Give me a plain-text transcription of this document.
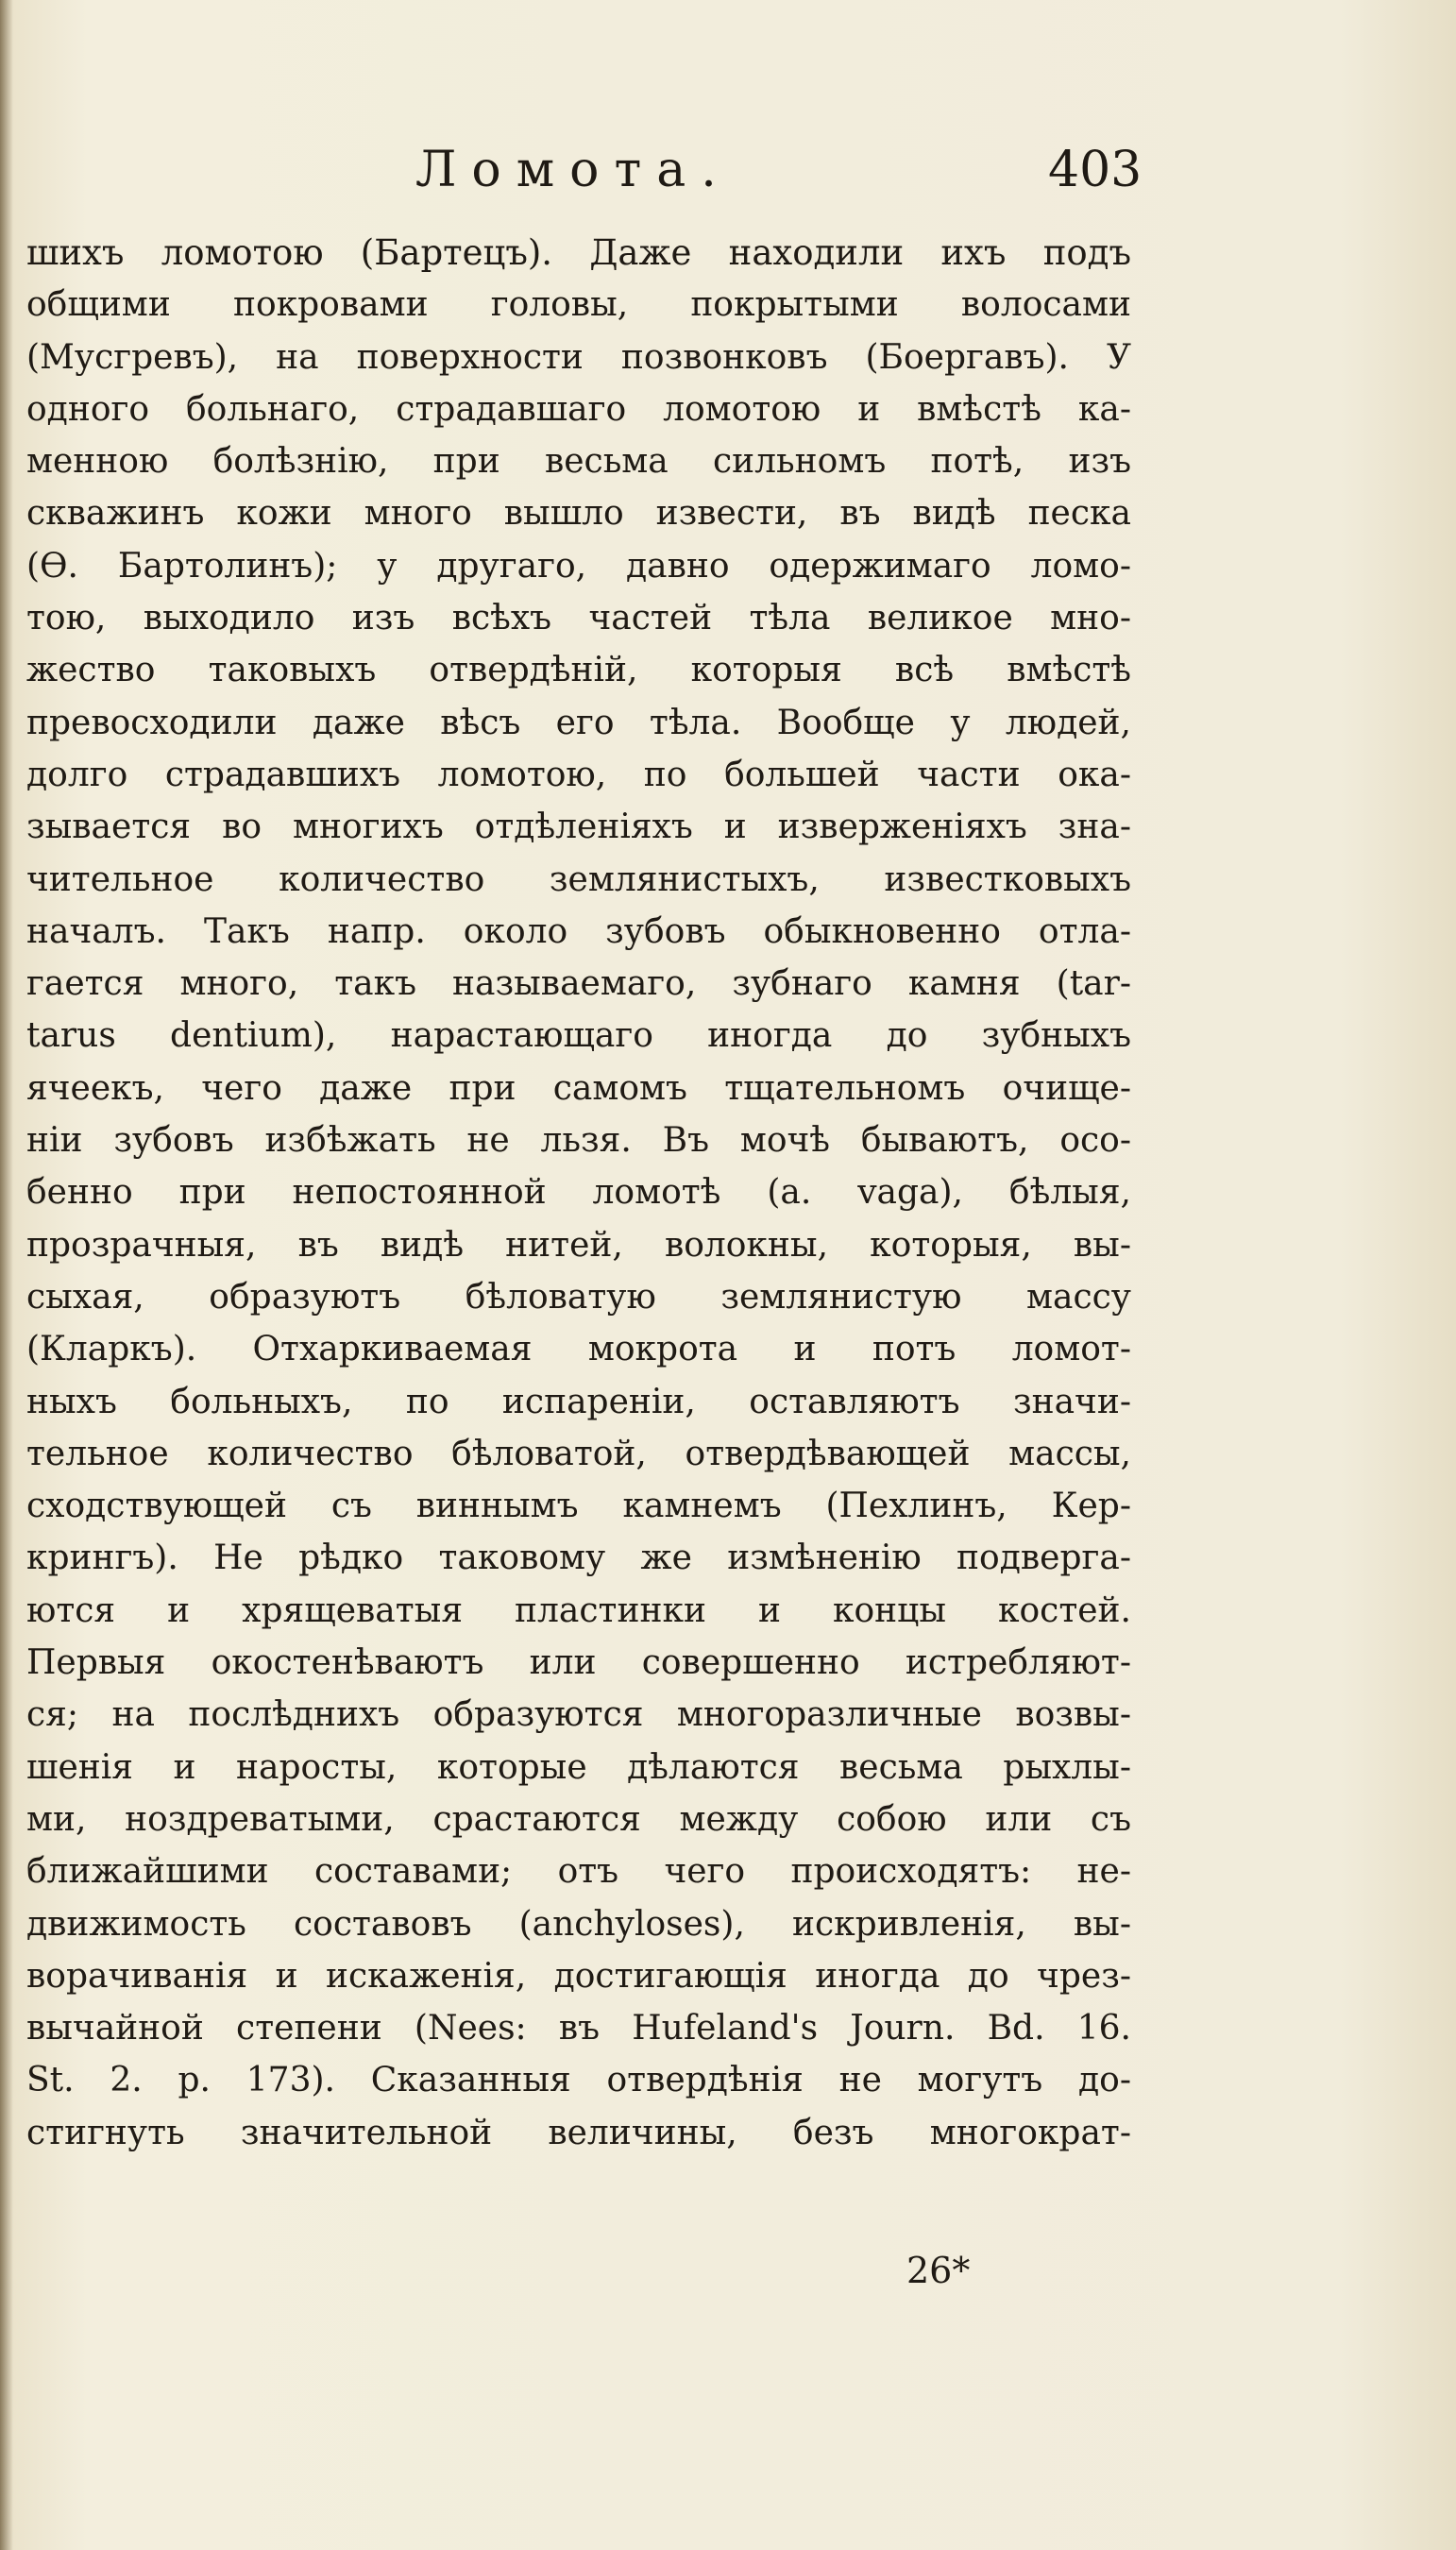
Ломота.	403
шихъ ломотою (Бартецъ). Даже находили ихъ подъ
общими покровами головы, покрытыми волосами
(Мусгревъ), на поверхности позвонковъ (Боергавъ). У
одного больнаго, страдавшаго ломотою и вмѣстѣ ка-
менною болѣзнію, при весьма сильномъ потѣ, изъ
скважинъ кожи много вышло извести, въ видѣ песка
(Ѳ. Бартолинъ); у другаго, давно одержимаго ломо-
тою, выходило изъ всѣхъ частей тѣла великое мно-
жество таковыхъ отвердѣній, которыя всѣ вмѣстѣ
превосходили даже вѣсъ его тѣла. Вообще у людей,
долго страдавшихъ ломотою, по большей части ока-
зывается во многихъ отдѣленіяхъ и изверженіяхъ зна-
чительное количество землянистыхъ, известковыхъ
началъ. Такъ напр. около зубовъ обыкновенно отла-
гается много, такъ называемаго, зубнаго камня (tar-
tarus dentium), нарастающаго иногда до зубныхъ
ячеекъ, чего даже при самомъ тщательномъ очище-
ніи зубовъ избѣжать не льзя. Въ мочѣ бываютъ, осо-
бенно при непостоянной ломотѣ (a. vaga), бѣлыя,
прозрачныя, въ видѣ нитей, волокны, которыя, вы-
сыхая, образуютъ бѣловатую землянистую массу
(Кларкъ). Отхаркиваемая мокрота и потъ ломот-
ныхъ больныхъ, по испареніи, оставляютъ значи-
тельное количество бѣловатой, отвердѣвающей массы,
сходствующей съ виннымъ камнемъ (Пехлинъ, Кер-
крингъ). Не рѣдко таковому же измѣненію подверга-
ются и хрящеватыя пластинки и концы костей.
Первыя окостенѣваютъ или совершенно истребляют-
ся; на послѣднихъ образуются многоразличные возвы-
шенія и наросты, которые дѣлаются весьма рыхлы-
ми, ноздреватыми, срастаются между собою или съ
ближайшими составами; отъ чего происходятъ: не-
движимость составовъ (anchyloses), искривленія, вы-
ворачиванія и искаженія, достигающія иногда до чрез-
вычайной степени (Nees: въ Hufeland's Journ. Bd. 16.
St. 2. p. 173). Сказанныя отвердѣнія не могутъ до-
стигнуть значительной величины, безъ многократ-
26*
